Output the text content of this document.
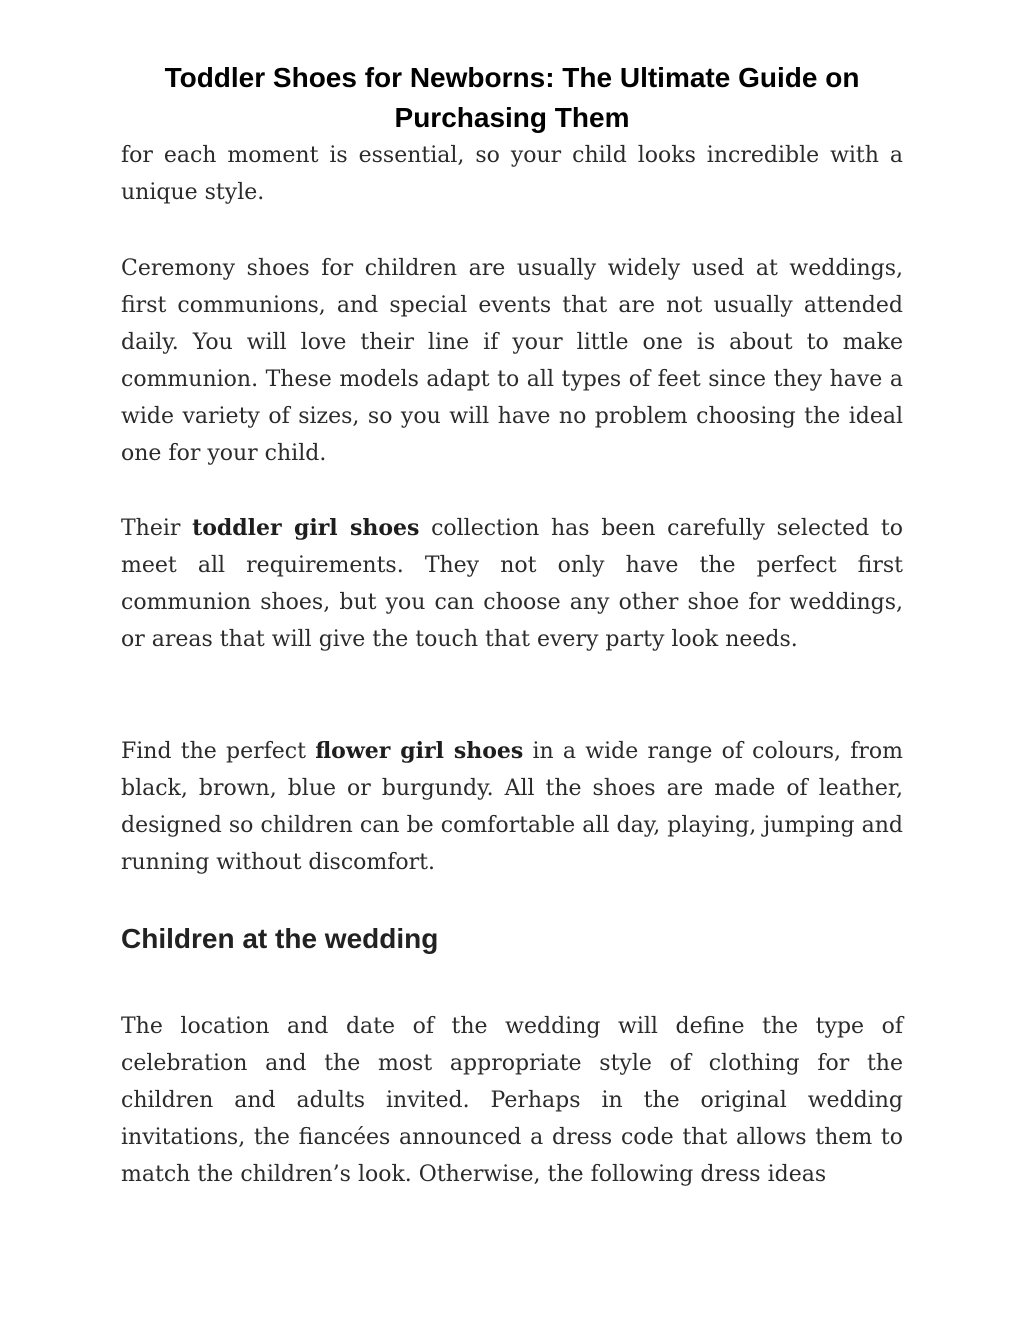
Toddler Shoes for Newborns: The Ultimate Guide on Purchasing Them

for each moment is essential, so your child looks incredible with a unique style.

Ceremony shoes for children are usually widely used at weddings, first communions, and special events that are not usually attended daily. You will love their line if your little one is about to make communion. These models adapt to all types of feet since they have a wide variety of sizes, so you will have no problem choosing the ideal one for your child.

Their toddler girl shoes collection has been carefully selected to meet all requirements. They not only have the perfect first communion shoes, but you can choose any other shoe for weddings, or areas that will give the touch that every party look needs.

Find the perfect flower girl shoes in a wide range of colours, from black, brown, blue or burgundy. All the shoes are made of leather, designed so children can be comfortable all day, playing, jumping and running without discomfort.

Children at the wedding

The location and date of the wedding will define the type of celebration and the most appropriate style of clothing for the children and adults invited. Perhaps in the original wedding invitations, the fiancées announced a dress code that allows them to match the children’s look. Otherwise, the following dress ideas
